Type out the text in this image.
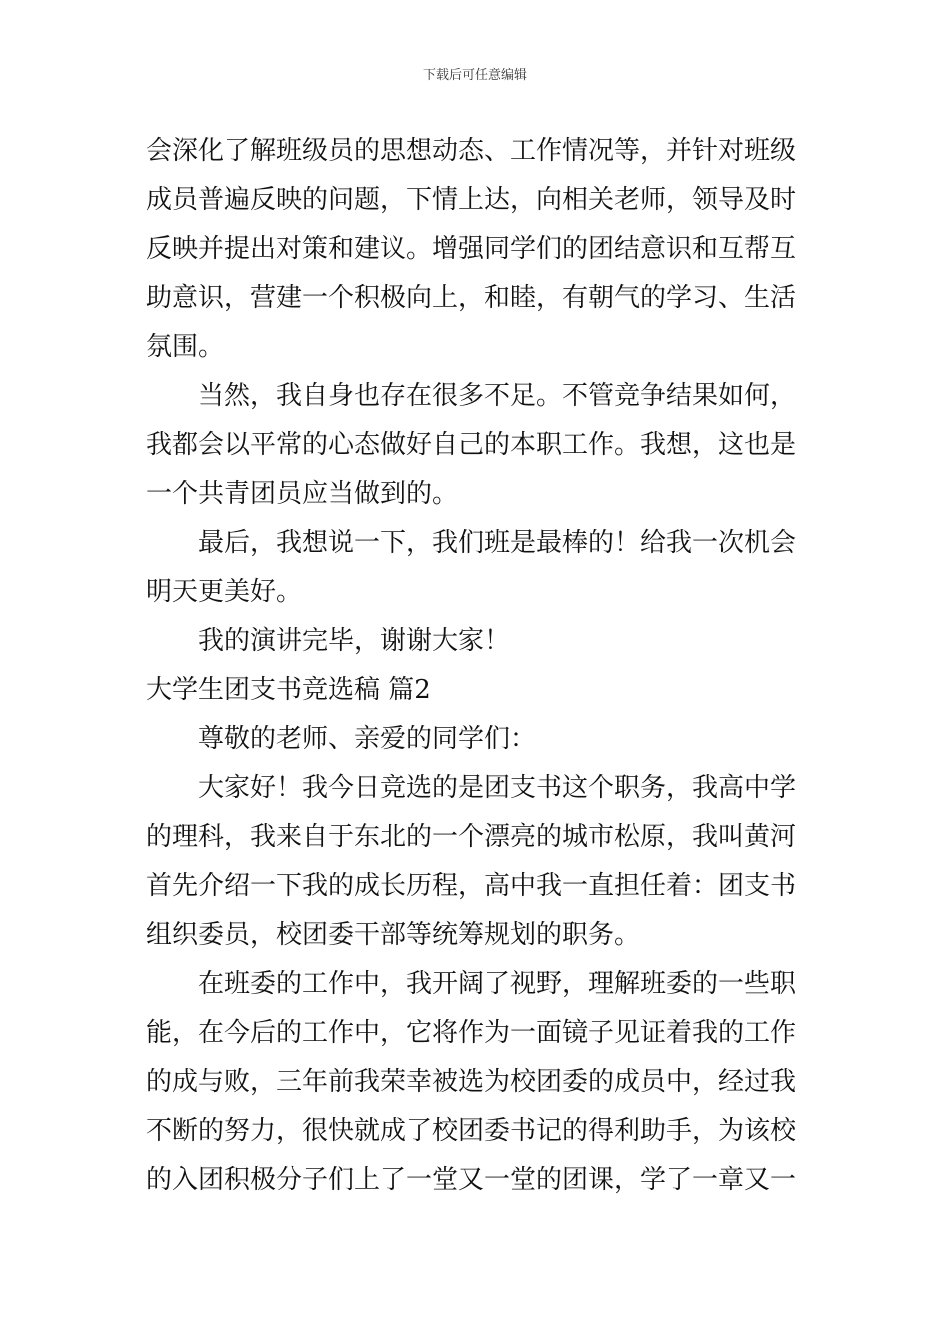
下载后可任意编辑
会深化了解班级员的思想动态、工作情况等，并针对班级
成员普遍反映的问题，下情上达，向相关老师，领导及时
反映并提出对策和建议。增强同学们的团结意识和互帮互
助意识，营建一个积极向上，和睦，有朝气的学习、生活
氛围。
当然，我自身也存在很多不足。不管竞争结果如何，
我都会以平常的心态做好自己的本职工作。我想，这也是
一个共青团员应当做到的。
最后，我想说一下，我们班是最棒的！给我一次机会
明天更美好。
我的演讲完毕，谢谢大家！
大学生团支书竞选稿 篇2
尊敬的老师、亲爱的同学们：
大家好！我今日竞选的是团支书这个职务，我高中学
的理科，我来自于东北的一个漂亮的城市松原，我叫黄河
首先介绍一下我的成长历程，高中我一直担任着：团支书
组织委员，校团委干部等统筹规划的职务。
在班委的工作中，我开阔了视野，理解班委的一些职
能，在今后的工作中，它将作为一面镜子见证着我的工作
的成与败，三年前我荣幸被选为校团委的成员中，经过我
不断的努力，很快就成了校团委书记的得利助手，为该校
的入团积极分子们上了一堂又一堂的团课，学了一章又一
